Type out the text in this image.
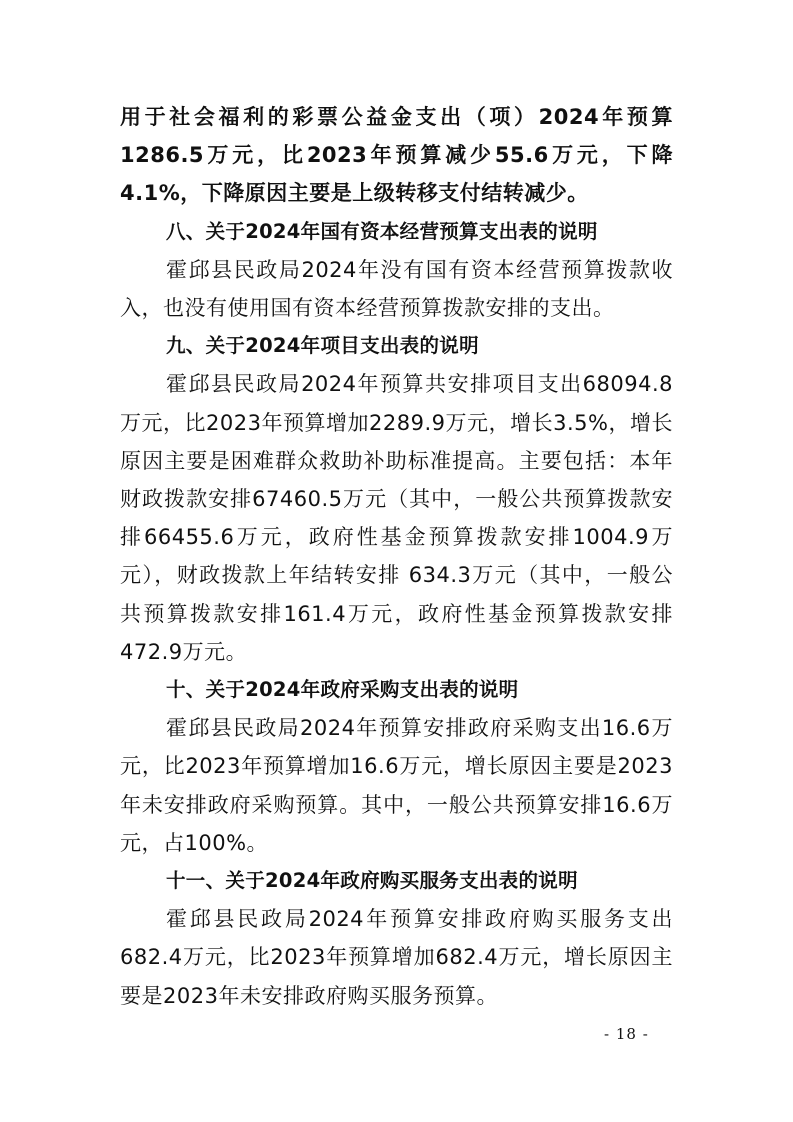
用于社会福利的彩票公益金支出（项）2024年预算1286.5万元，比2023年预算减少55.6万元，下降4.1%，下降原因主要是上级转移支付结转减少。

八、关于2024年国有资本经营预算支出表的说明

霍邱县民政局2024年没有国有资本经营预算拨款收入，也没有使用国有资本经营预算拨款安排的支出。

九、关于2024年项目支出表的说明

霍邱县民政局2024年预算共安排项目支出68094.8万元，比2023年预算增加2289.9万元，增长3.5%，增长原因主要是困难群众救助补助标准提高。主要包括：本年财政拨款安排67460.5万元（其中，一般公共预算拨款安排66455.6万元，政府性基金预算拨款安排1004.9万元），财政拨款上年结转安排 634.3万元（其中，一般公共预算拨款安排161.4万元，政府性基金预算拨款安排472.9万元。

十、关于2024年政府采购支出表的说明

霍邱县民政局2024年预算安排政府采购支出16.6万元，比2023年预算增加16.6万元，增长原因主要是2023年未安排政府采购预算。其中，一般公共预算安排16.6万元，占100%。

十一、关于2024年政府购买服务支出表的说明

霍邱县民政局2024年预算安排政府购买服务支出682.4万元，比2023年预算增加682.4万元，增长原因主要是2023年未安排政府购买服务预算。

- 18 -
